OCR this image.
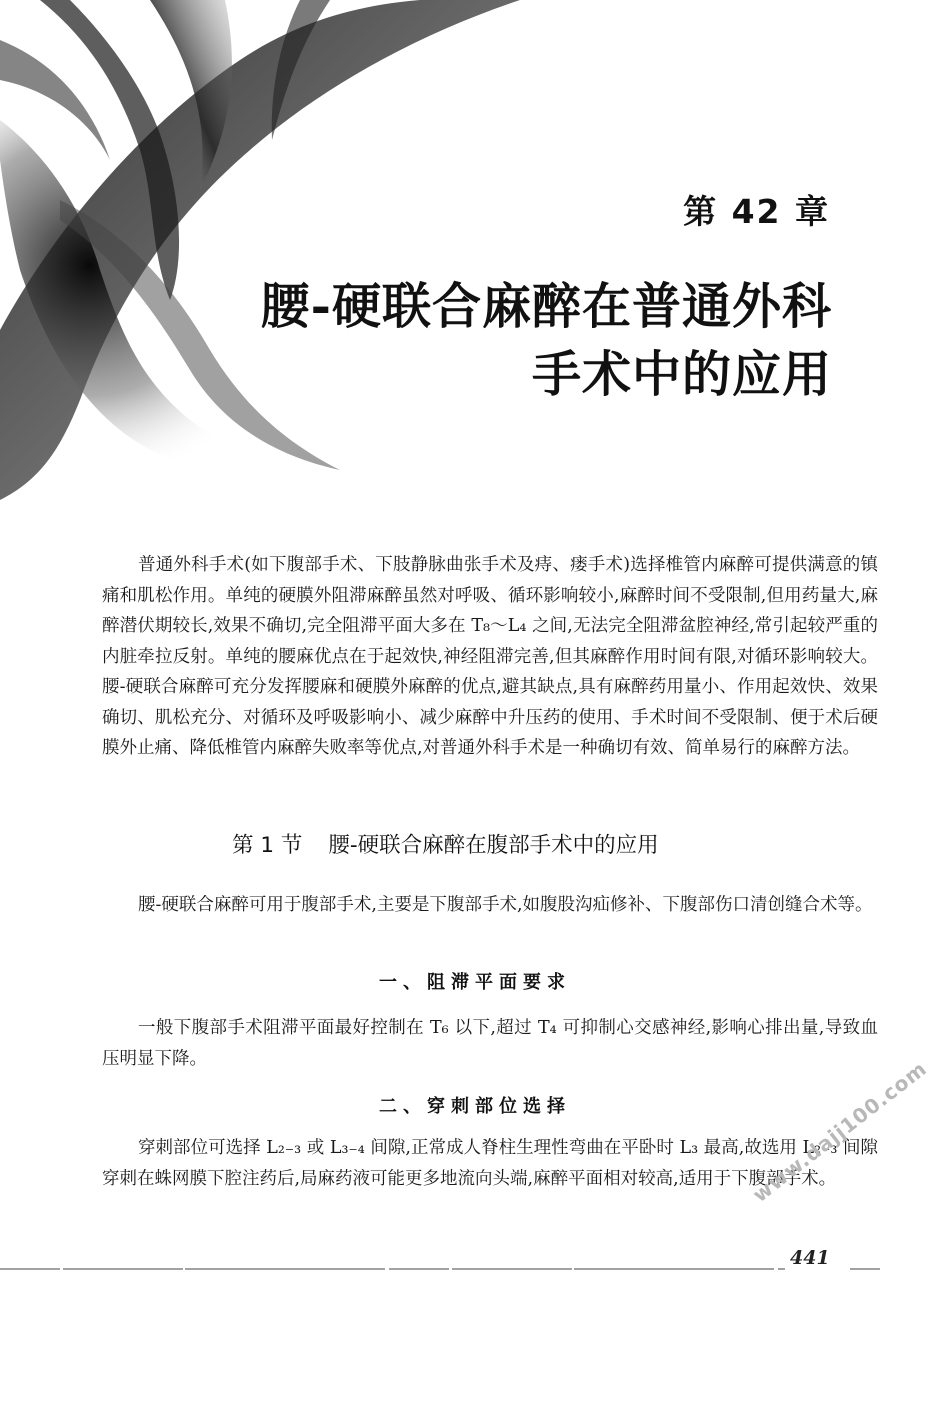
第 42 章
腰-硬联合麻醉在普通外科
手术中的应用

普通外科手术(如下腹部手术、下肢静脉曲张手术及痔、瘘手术)选择椎管内麻醉可提供满意的镇痛和肌松作用。单纯的硬膜外阻滞麻醉虽然对呼吸、循环影响较小,麻醉时间不受限制,但用药量大,麻醉潜伏期较长,效果不确切,完全阻滞平面大多在 T₈～L₄ 之间,无法完全阻滞盆腔神经,常引起较严重的内脏牵拉反射。单纯的腰麻优点在于起效快,神经阻滞完善,但其麻醉作用时间有限,对循环影响较大。腰-硬联合麻醉可充分发挥腰麻和硬膜外麻醉的优点,避其缺点,具有麻醉药用量小、作用起效快、效果确切、肌松充分、对循环及呼吸影响小、减少麻醉中升压药的使用、手术时间不受限制、便于术后硬膜外止痛、降低椎管内麻醉失败率等优点,对普通外科手术是一种确切有效、简单易行的麻醉方法。

第 1 节 腰-硬联合麻醉在腹部手术中的应用

腰-硬联合麻醉可用于腹部手术,主要是下腹部手术,如腹股沟疝修补、下腹部伤口清创缝合术等。

一、阻滞平面要求

一般下腹部手术阻滞平面最好控制在 T₆ 以下,超过 T₄ 可抑制心交感神经,影响心排出量,导致血压明显下降。

二、穿刺部位选择

穿刺部位可选择 L₂₋₃ 或 L₃₋₄ 间隙,正常成人脊柱生理性弯曲在平卧时 L₃ 最高,故选用 L₂₋₃ 间隙穿刺在蛛网膜下腔注药后,局麻药液可能更多地流向头端,麻醉平面相对较高,适用于下腹部手术。

441
www.dajj100.com
